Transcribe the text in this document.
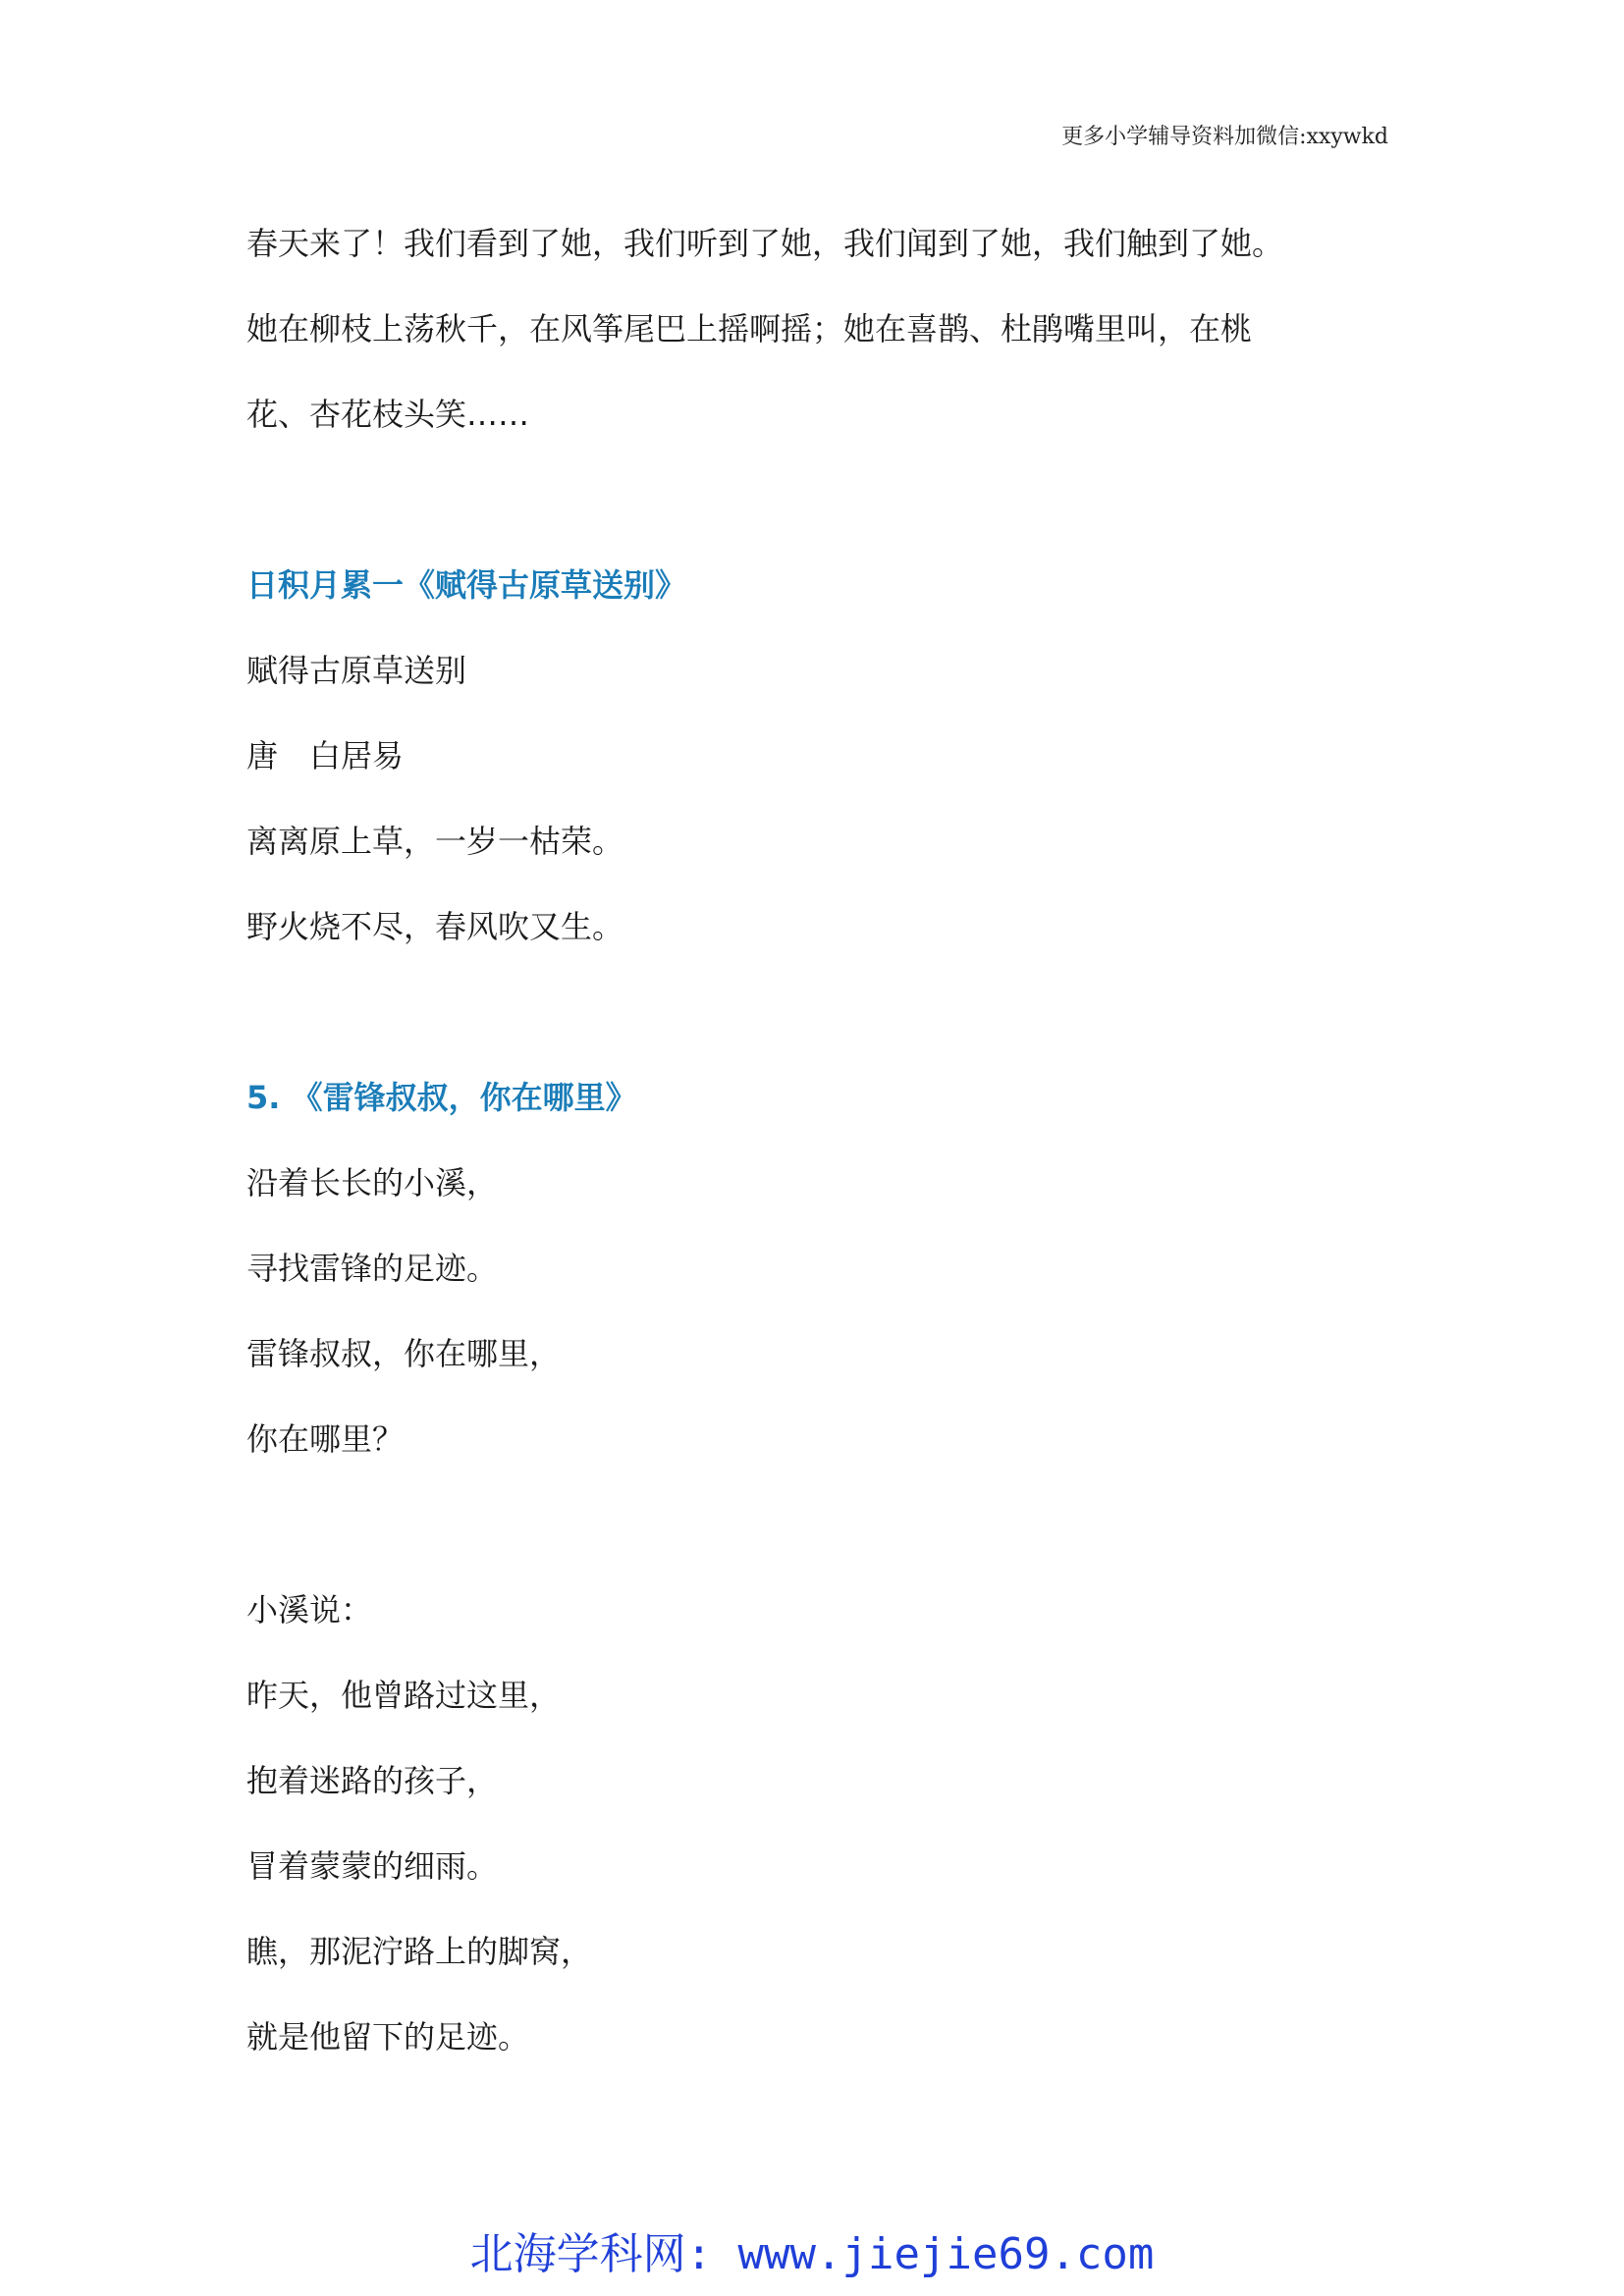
更多小学辅导资料加微信:xxywkd
春天来了！我们看到了她，我们听到了她，我们闻到了她，我们触到了她。
她在柳枝上荡秋千，在风筝尾巴上摇啊摇；她在喜鹊、杜鹃嘴里叫，在桃
花、杏花枝头笑……
日积月累一《赋得古原草送别》
赋得古原草送别
唐　白居易
离离原上草，一岁一枯荣。
野火烧不尽，春风吹又生。
5. 《雷锋叔叔，你在哪里》
沿着长长的小溪，
寻找雷锋的足迹。
雷锋叔叔，你在哪里，
你在哪里？
小溪说：
昨天，他曾路过这里，
抱着迷路的孩子，
冒着蒙蒙的细雨。
瞧，那泥泞路上的脚窝，
就是他留下的足迹。
北海学科网: www.jiejie69.com
